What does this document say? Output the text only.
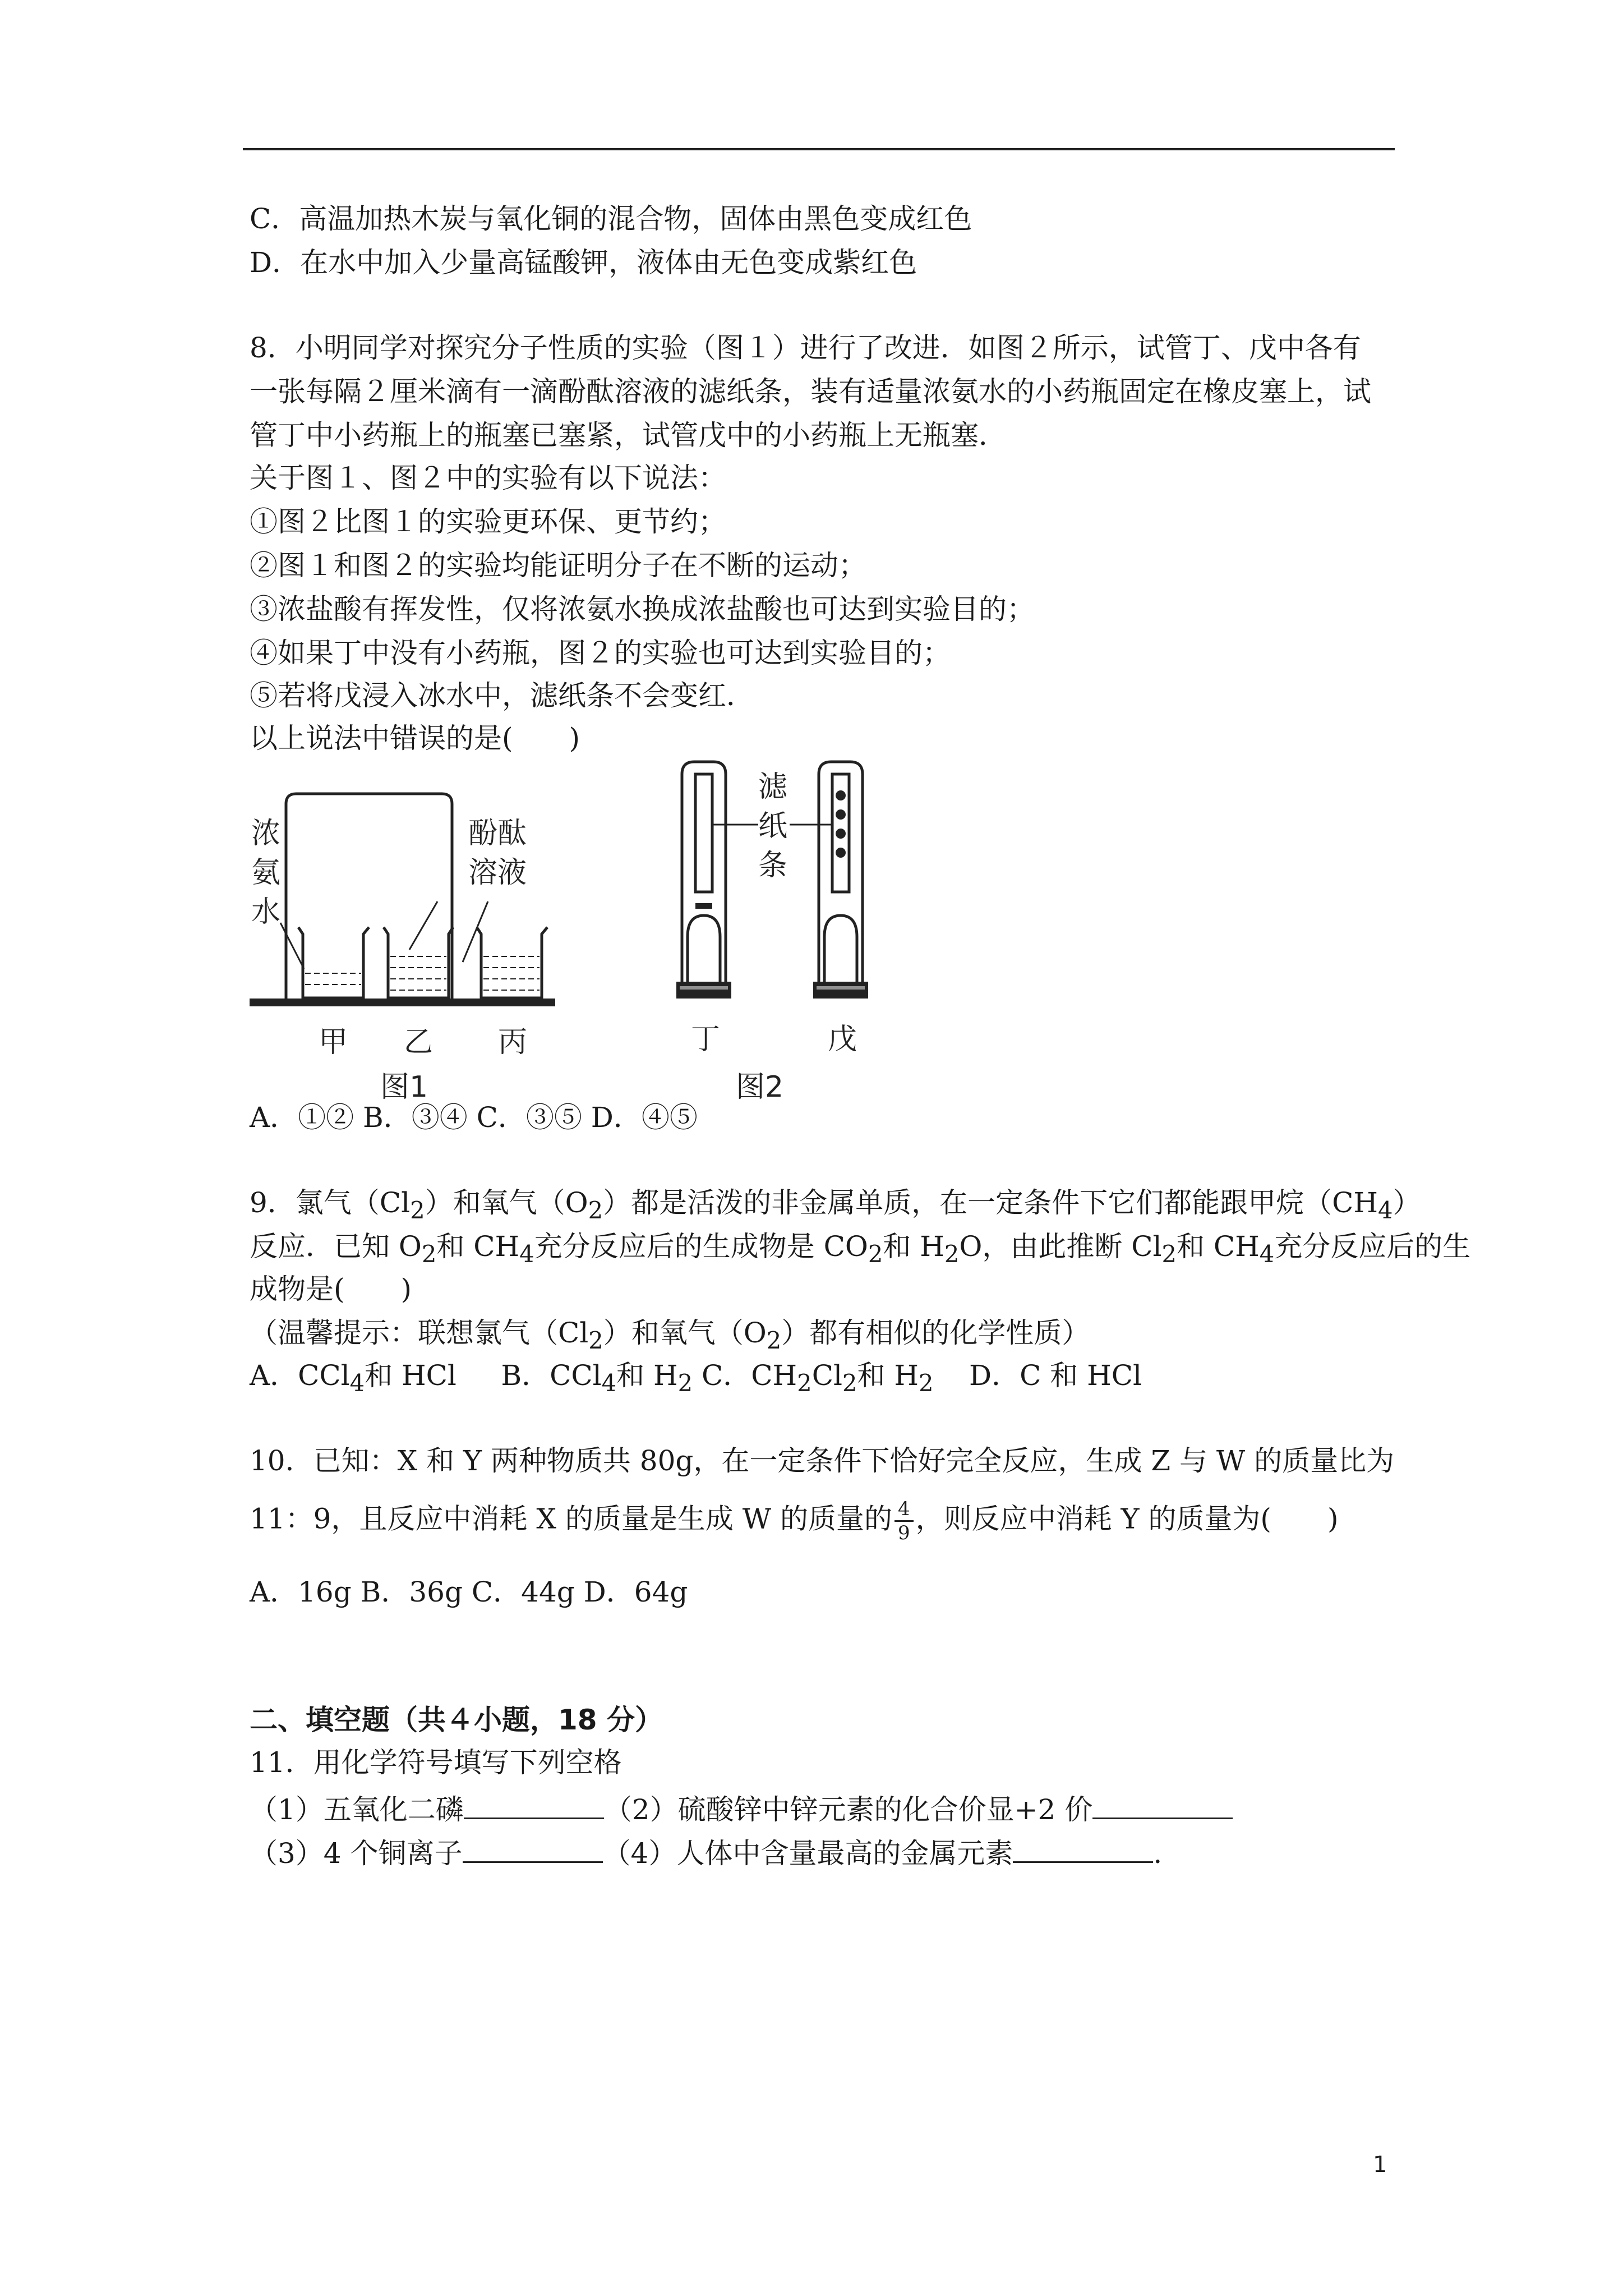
C．高温加热木炭与氧化铜的混合物，固体由黑色变成红色
D．在水中加入少量高锰酸钾，液体由无色变成紫红色
8．小明同学对探究分子性质的实验（图１）进行了改进．如图２所示，试管丁、戊中各有
一张每隔２厘米滴有一滴酚酞溶液的滤纸条，装有适量浓氨水的小药瓶固定在橡皮塞上，试
管丁中小药瓶上的瓶塞已塞紧，试管戊中的小药瓶上无瓶塞．
关于图１、图２中的实验有以下说法：
①图２比图１的实验更环保、更节约；
②图１和图２的实验均能证明分子在不断的运动；
③浓盐酸有挥发性，仅将浓氨水换成浓盐酸也可达到实验目的；
④如果丁中没有小药瓶，图２的实验也可达到实验目的；
⑤若将戊浸入冰水中，滤纸条不会变红．
以上说法中错误的是(　　)
浓
氨
水
酚酞
溶液
甲 乙 丙
图1
滤
纸
条
丁	戊
图2
A．①② B．③④ C．③⑤ D．④⑤
9．氯气$(Cl_2)$和氧气$(O_2)$都是活泼的非金属单质，在一定条件下它们都能跟甲烷$(CH_4)$
反应．已知 $O_2$和 $CH_4$充分反应后的生成物是 $CO_2$和 $H_2O$，由此推断 $Cl_2$和 $CH_4$充分反应后的生
成物是(　　)
（温馨提示：联想氯气$(Cl_2)$和氧气$(O_2)$都有相似的化学性质）
A．CCl$_4$和 HCl B．CCl$_4$和 $H_2$ C．$CH_2Cl_2$和 $H_2$ D．C 和 HCl
10．已知：X 和 Y 两种物质共 80g，在一定条件下恰好完全反应，生成 Z 与 W 的质量比为
11：9，且反应中消耗 X 的质量是生成 W 的质量的 $\frac{4}{9}$ ，则反应中消耗 Y 的质量为(　　)
A．16g B．36g C．44g D．64g
二、填空题（共４小题，18 分）
11．用化学符号填写下列空格
（1）五氧化二磷	（2）硫酸锌中锌元素的化合价显+2 价
（3）4 个铜离子	（4）人体中含量最高的金属元素	.
1
